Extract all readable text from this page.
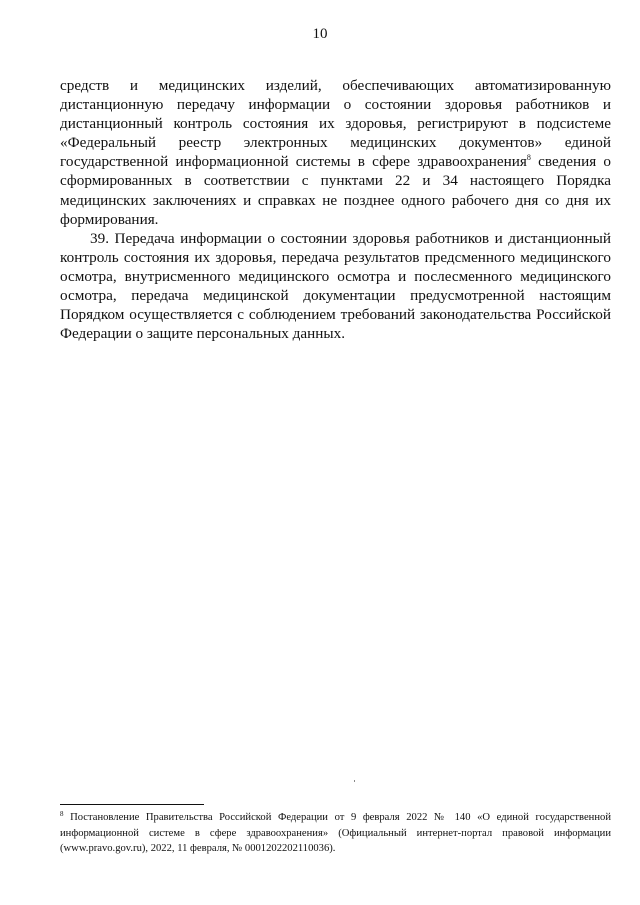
10

средств и медицинских изделий, обеспечивающих автоматизированную дистанционную передачу информации о состоянии здоровья работников и дистанционный контроль состояния их здоровья, регистрируют в подсистеме «Федеральный реестр электронных медицинских документов» единой государственной информационной системы в сфере здравоохранения$^8$ сведения о сформированных в соответствии с пунктами 22 и 34 настоящего Порядка медицинских заключениях и справках не позднее одного рабочего дня со дня их формирования.

39. Передача информации о состоянии здоровья работников и дистанционный контроль состояния их здоровья, передача результатов предсменного медицинского осмотра, внутрисменного медицинского осмотра и послесменного медицинского осмотра, передача медицинской документации предусмотренной настоящим Порядком осуществляется с соблюдением требований законодательства Российской Федерации о защите персональных данных.

$^8$ Постановление Правительства Российской Федерации от 9 февраля 2022 № 140 «О единой государственной информационной системе в сфере здравоохранения» (Официальный интернет-портал правовой информации (www.pravo.gov.ru), 2022, 11 февраля, № 0001202202110036).
